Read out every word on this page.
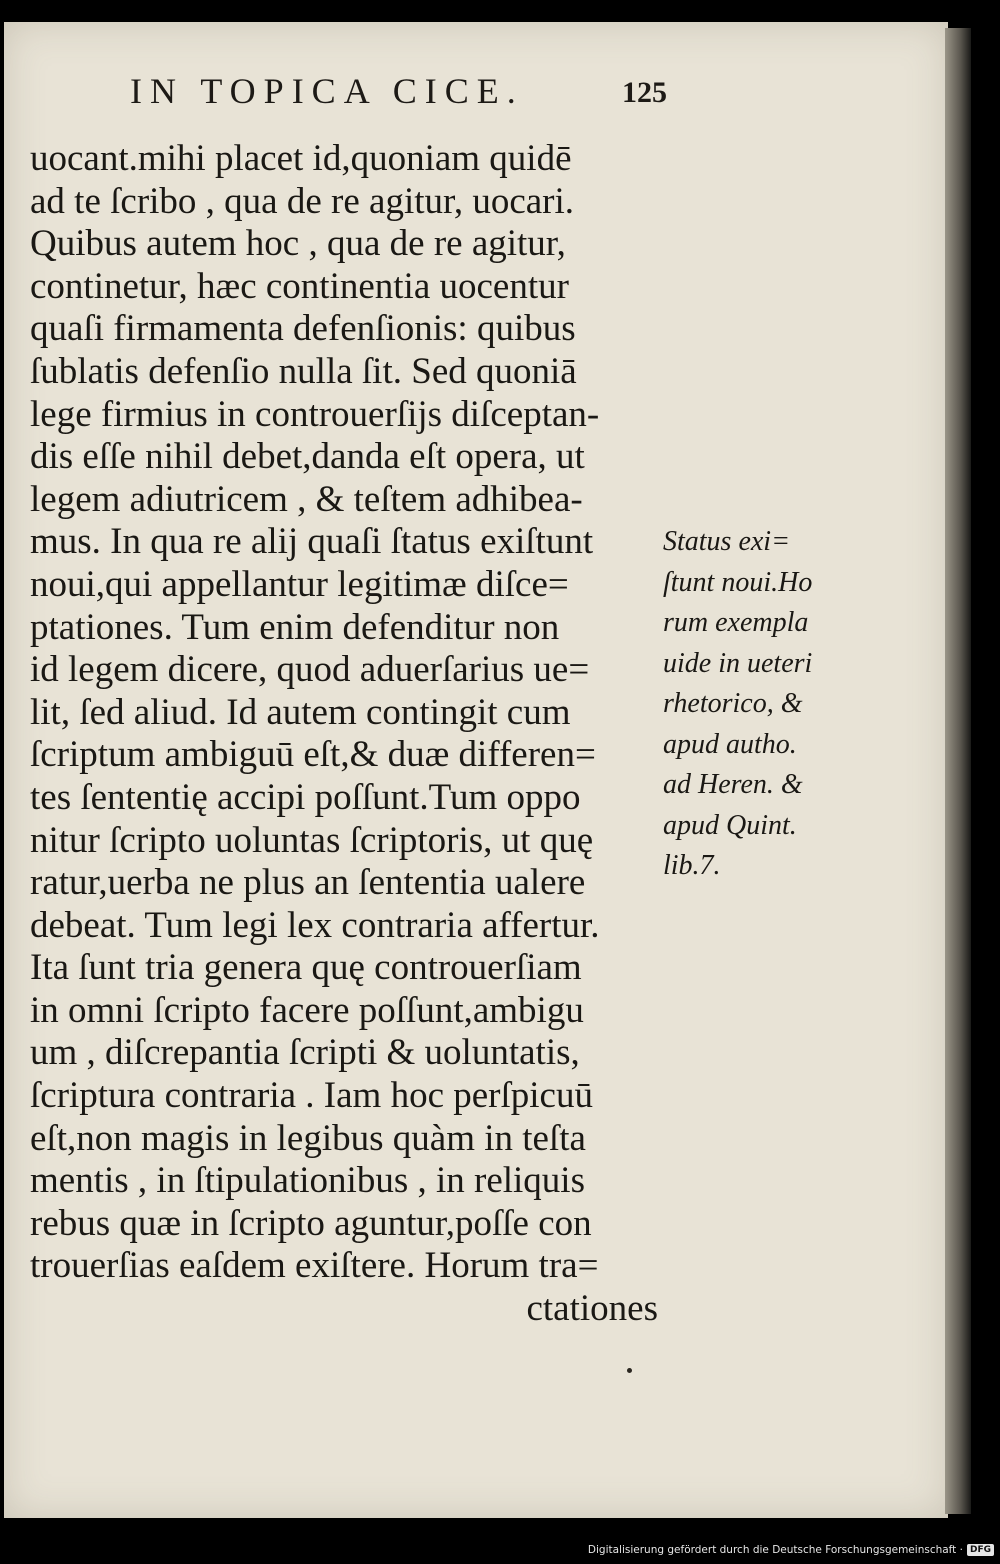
IN TOPICA CICE.	125
uocant.mihi placet id,quoniam quidē
ad te ſcribo , qua de re agitur, uocari.
Quibus autem hoc , qua de re agitur,
continetur, hæc continentia uocentur
quaſi firmamenta defenſionis: quibus
ſublatis defenſio nulla ſit. Sed quoniā
lege firmius in controuerſijs diſceptan-
dis eſſe nihil debet,danda eſt opera, ut
legem adiutricem , & teſtem adhibea-
mus. In qua re alij quaſi ſtatus exiſtunt
noui,qui appellantur legitimæ diſce=
ptationes. Tum enim defenditur non
id legem dicere, quod aduerſarius ue=
lit, ſed aliud. Id autem contingit cum
ſcriptum ambiguū eſt,& duæ differen=
tes ſententię accipi poſſunt.Tum oppo
nitur ſcripto uoluntas ſcriptoris, ut quę
ratur,uerba ne plus an ſententia ualere
debeat. Tum legi lex contraria affertur.
Ita ſunt tria genera quę controuerſiam
in omni ſcripto facere poſſunt,ambigu
um , diſcrepantia ſcripti & uoluntatis,
ſcriptura contraria . Iam hoc perſpicuū
eſt,non magis in legibus quàm in teſta
mentis , in ſtipulationibus , in reliquis
rebus quæ in ſcripto aguntur,poſſe con
trouerſias eaſdem exiſtere. Horum tra=
ctationes
Status exi=
ſtunt noui.Ho
rum exempla
uide in ueteri
rhetorico, &
apud autho.
ad Heren. &
apud Quint.
lib.7.
Digitalisierung gefördert durch die Deutsche Forschungsgemeinschaft · DFG
